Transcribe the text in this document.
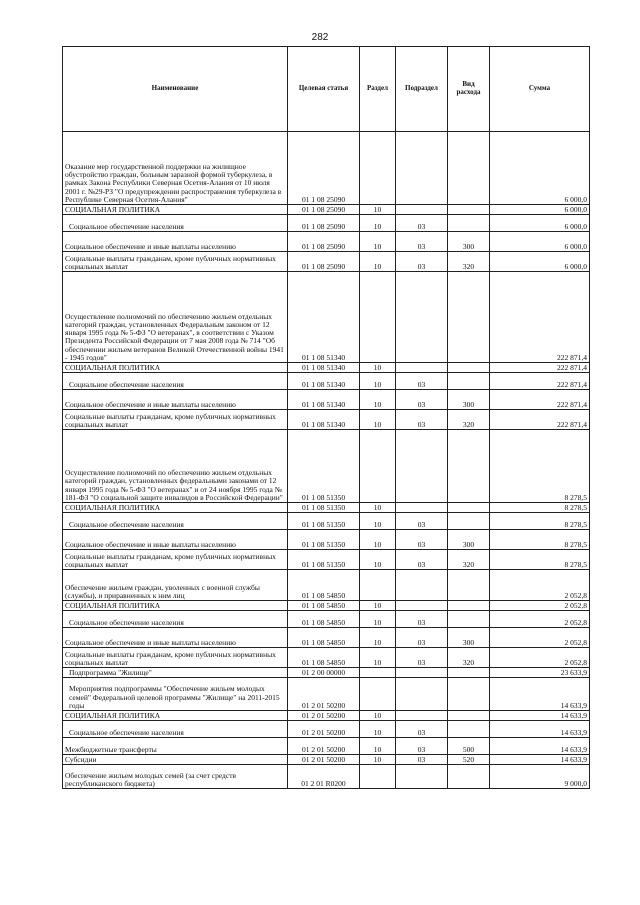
282
Наименование	Целевая статья	Раздел	Подраздел	Вид расхода	Сумма
Оказание мер государственной поддержки на жилищное обустройство граждан, больным заразной формой туберкулеза, в рамках Закона Республики Северная Осетия-Алания от 10 июля 2001 г. №29-РЗ "О предупреждении распространения туберкулеза в Республике Северная Осетия-Алания"	01 1 08 25090				6 000,0
СОЦИАЛЬНАЯ ПОЛИТИКА	01 1 08 25090	10			6 000,0
Социальное обеспечение населения	01 1 08 25090	10	03		6 000,0
Социальное обеспечение и иные выплаты населению	01 1 08 25090	10	03	300	6 000,0
Социальные выплаты гражданам, кроме публичных нормативных социальных выплат	01 1 08 25090	10	03	320	6 000,0
Осуществление полномочий по обеспечению жильем отдельных категорий граждан, установленных Федеральным законом от 12 января 1995 года № 5-ФЗ "О ветеранах", в соответствии с Указом Президента Российской Федерации от 7 мая 2008 года № 714 "Об обеспечении жильем ветеранов Великой Отечественной войны 1941 - 1945 годов"	01 1 08 51340				222 871,4
СОЦИАЛЬНАЯ ПОЛИТИКА	01 1 08 51340	10			222 871,4
Социальное обеспечение населения	01 1 08 51340	10	03		222 871,4
Социальное обеспечение и иные выплаты населению	01 1 08 51340	10	03	300	222 871,4
Социальные выплаты гражданам, кроме публичных нормативных социальных выплат	01 1 08 51340	10	03	320	222 871,4
Осуществление полномочий по обеспечению жильем отдельных категорий граждан, установленных федеральными законами от 12 января 1995 года № 5-ФЗ "О ветеранах" и от 24 ноября 1995 года № 181-ФЗ "О социальной защите инвалидов в Российской Федерации"	01 1 08 51350				8 278,5
СОЦИАЛЬНАЯ ПОЛИТИКА	01 1 08 51350	10			8 278,5
Социальное обеспечение населения	01 1 08 51350	10	03		8 278,5
Социальное обеспечение и иные выплаты населению	01 1 08 51350	10	03	300	8 278,5
Социальные выплаты гражданам, кроме публичных нормативных социальных выплат	01 1 08 51350	10	03	320	8 278,5
Обеспечение жильем граждан, уволенных с военной службы (службы), и приравненных к ним лиц	01 1 08 54850				2 052,8
СОЦИАЛЬНАЯ ПОЛИТИКА	01 1 08 54850	10			2 052,8
Социальное обеспечение населения	01 1 08 54850	10	03		2 052,8
Социальное обеспечение и иные выплаты населению	01 1 08 54850	10	03	300	2 052,8
Социальные выплаты гражданам, кроме публичных нормативных социальных выплат	01 1 08 54850	10	03	320	2 052,8
Подпрограмма "Жилище"	01 2 00 00000				23 633,9
Мероприятия подпрограммы "Обеспечение жильем молодых семей" Федеральной целевой программы "Жилище" на 2011-2015 годы	01 2 01 50200				14 633,9
СОЦИАЛЬНАЯ ПОЛИТИКА	01 2 01 50200	10			14 633,9
Социальное обеспечение населения	01 2 01 50200	10	03		14 633,9
Межбюджетные трансферты	01 2 01 50200	10	03	500	14 633,9
Субсидии	01 2 01 50200	10	03	520	14 633,9
Обеспечение жильем молодых семей (за счет средств республиканского бюджета)	01 2 01 R0200				9 000,0
